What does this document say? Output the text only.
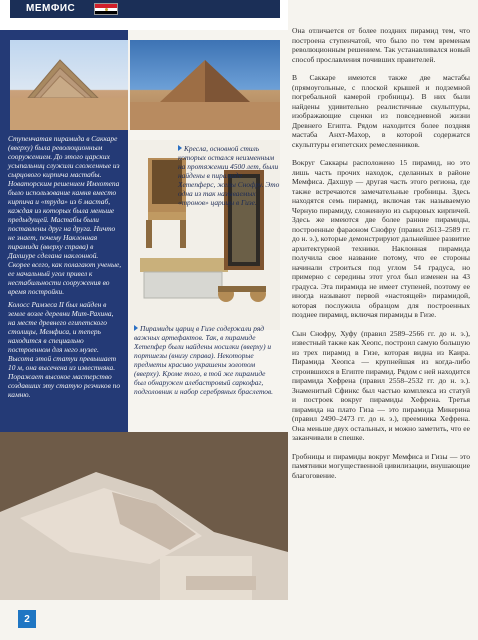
МЕМФИС
Ступенчатая пирамида в Саккаре (вверху) была революционным сооружением. До этого царских усыпальниц служили сложенные из сырцового кирпича мастабы. Новаторским решением Имхотепа было использование камня вместо кирпича и «труда» из 6 мастаб, каждая из которых была меньше предыдущей. Мастабы были поставлены друг на друга. Ничто не знает, почему Наклонная пирамида (вверху справа) в Дахшуре сделана наклонной. Скорее всего, как полагают ученые, ее начальный угол привел к нестабильности сооружения во время постройки.
Кресла, основной стиль которых остался неизменным на протяжении 4500 лет, были найдены в пирамиде Хетепферс, жены Снофру. Это одна из так называемых «тронов» царицы в Гизе.
Колосс Рамзеса II был найден в земле возле деревни Мит-Рахина, на месте древнего египетского столицы, Мемфиса, и теперь находится в специально построенном для него музее. Высота этой статуи превышает 10 м, она высечена из известняка. Поражает высокое мастерство создавших эту статую резчиков по камню.
Пирамиды цариц в Гизе содержали ряд важных артефактов. Так, в пирамиде Хетепфер были найдены носилки (вверху) и портшезы (внизу справа). Некоторые предметы красиво украшены золотом (вверху). Кроме того, в той же пирамиде был обнаружен алебастровый саркофаг, подголовник и набор серебряных браслетов.
2

Она отличается от более поздних пирамид тем, что построена ступенчатой, что было по тем временам революционным решением. Так устанавливался новый способ прославления почивших правителей.

В Саккаре имеются также две мастабы (прямоугольные, с плоской крышей и подземной погребальной камерой гробницы). В них были найдены удивительно реалистичные скульптуры, изображающие сценки из повседневной жизни Древнего Египта. Рядом находится более поздняя мастаба Анхт-Махор, в которой содержатся скульптуры египетских ремесленников.

Вокруг Саккары расположено 15 пирамид, но это лишь часть прочих находок, сделанных в районе Мемфиса. Дахшур — другая часть этого региона, где также встречаются замечательные гробницы. Здесь находятся семь пирамид, включая так называемую Черную пирамиду, сложенную из сырцовых кирпичей. Здесь же имеются две более ранние пирамиды, построенные фараоном Снофру (правил 2613–2589 гг. до н. э.), которые демонстрируют дальнейшее развитие архитектурной техники. Наклонная пирамида получила свое название потому, что ее стороны начинали строиться под углом 54 градуса, но примерно с середины этот угол был изменен на 43 градуса. Эта пирамида не имеет ступеней, поэтому ее иногда называют первой «настоящей» пирамидой, которая послужила образцом для построенных позднее пирамид, включая пирамиды в Гизе.

Сын Снофру, Хуфу (правил 2589–2566 гг. до н. э.), известный также как Хеопс, построил самую большую из трех пирамид в Гизе, которая видна из Каира. Пирамида Хеопса — крупнейшая из когда-либо строившихся в Египте пирамид. Рядом с ней находится пирамида Хефрена (правил 2558–2532 гг. до н. э.). Знаменитый Сфинкс был частью комплекса из статуй и построек вокруг пирамиды Хефрена. Третья пирамида на плато Гиза — это пирамида Микерина (правил 2490–2473 гг. до н. э.), преемника Хефрена. Она меньше двух остальных, и можно заметить, что ее заканчивали в спешке.

Гробницы и пирамиды вокруг Мемфиса и Гизы — это памятники могущественной цивилизации, внушающие благоговение.
